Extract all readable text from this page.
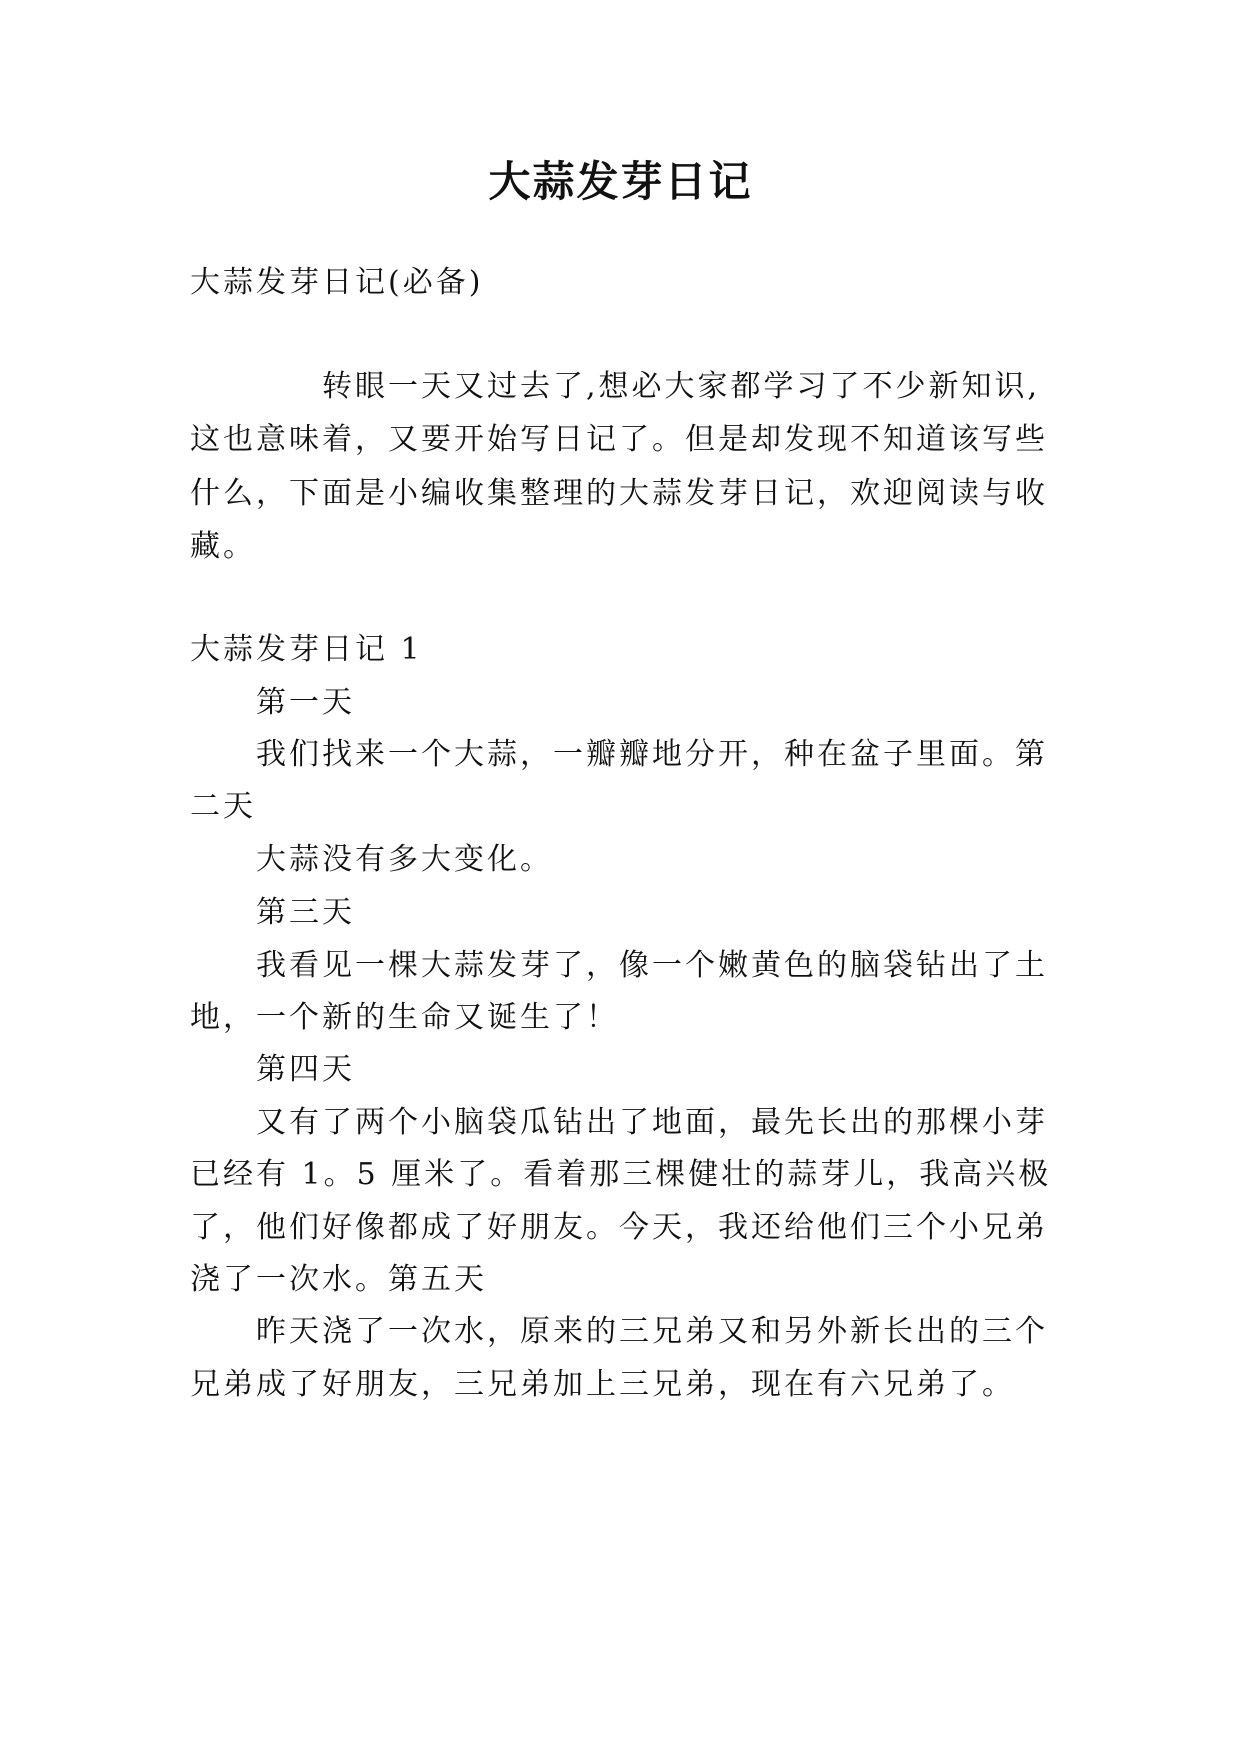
大蒜发芽日记
大蒜发芽日记(必备)
转眼一天又过去了,想必大家都学习了不少新知识,
这也意味着，又要开始写日记了。但是却发现不知道该写些
什么，下面是小编收集整理的大蒜发芽日记，欢迎阅读与收
藏。
大蒜发芽日记 1
第一天
我们找来一个大蒜，一瓣瓣地分开，种在盆子里面。第
二天
大蒜没有多大变化。
第三天
我看见一棵大蒜发芽了，像一个嫩黄色的脑袋钻出了土
地，一个新的生命又诞生了！
第四天
又有了两个小脑袋瓜钻出了地面，最先长出的那棵小芽
已经有 1。5 厘米了。看着那三棵健壮的蒜芽儿，我高兴极
了，他们好像都成了好朋友。今天，我还给他们三个小兄弟
浇了一次水。第五天
昨天浇了一次水，原来的三兄弟又和另外新长出的三个
兄弟成了好朋友，三兄弟加上三兄弟，现在有六兄弟了。
